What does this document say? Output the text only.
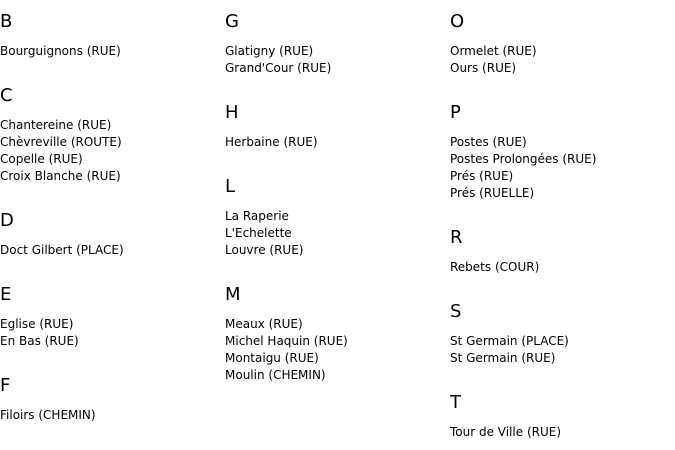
B
Bourguignons (RUE)
C
Chantereine (RUE)
Chèvreville (ROUTE)
Copelle (RUE)
Croix Blanche (RUE)
D
Doct Gilbert (PLACE)
E
Eglise (RUE)
En Bas (RUE)
F
Filoirs (CHEMIN)
G
Glatigny (RUE)
Grand'Cour (RUE)
H
Herbaine (RUE)
L
La Raperie
L'Echelette
Louvre (RUE)
M
Meaux (RUE)
Michel Haquin (RUE)
Montaigu (RUE)
Moulin (CHEMIN)
O
Ormelet (RUE)
Ours (RUE)
P
Postes (RUE)
Postes Prolongées (RUE)
Prés (RUE)
Prés (RUELLE)
R
Rebets (COUR)
S
St Germain (PLACE)
St Germain (RUE)
T
Tour de Ville (RUE)
